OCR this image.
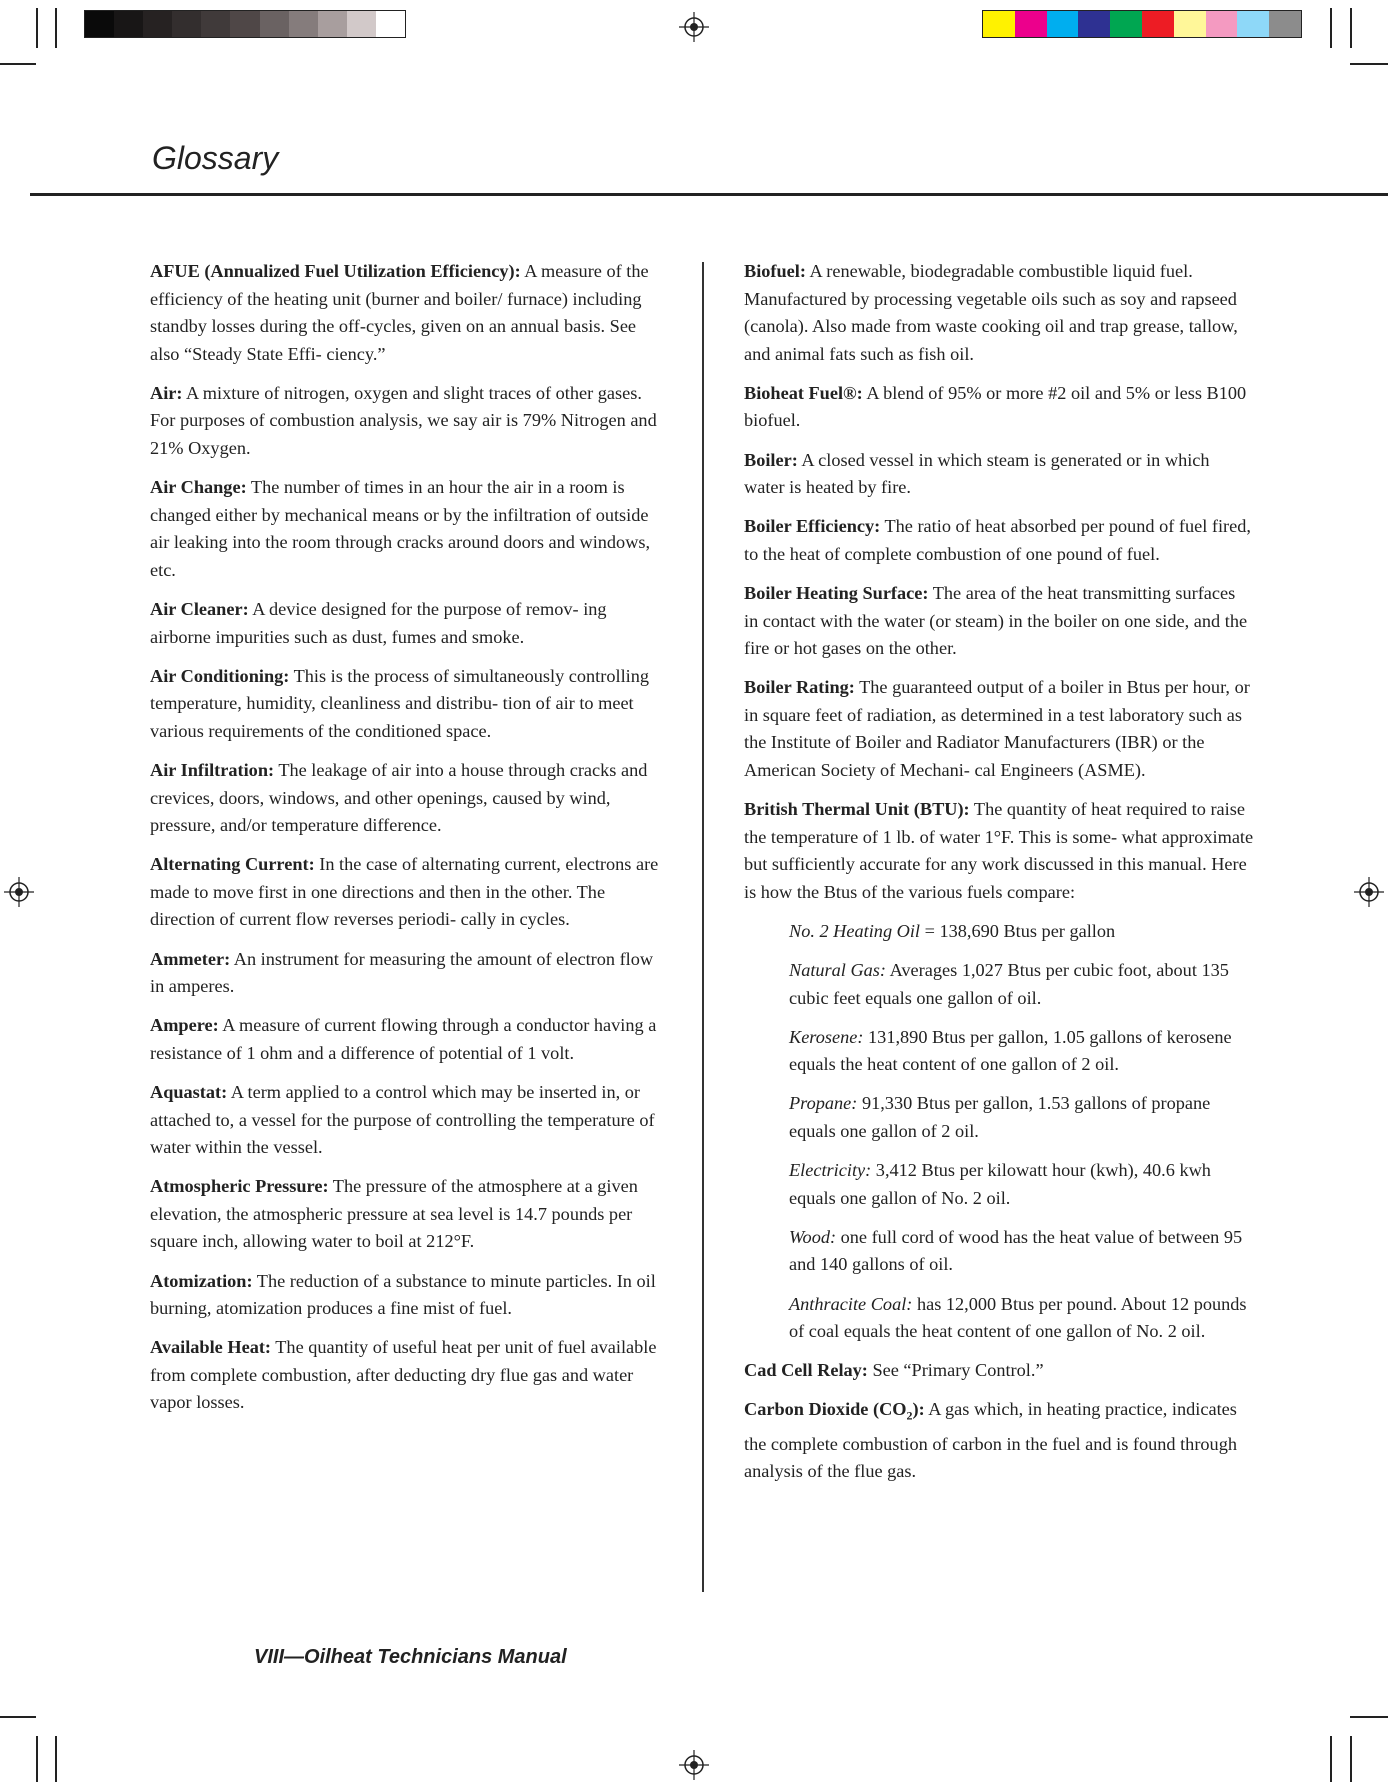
Glossary

AFUE (Annualized Fuel Utilization Efficiency): A measure of the efficiency of the heating unit (burner and boiler/ furnace) including standby losses during the off-cycles, given on an annual basis. See also “Steady State Effi- ciency.”

Air: A mixture of nitrogen, oxygen and slight traces of other gases. For purposes of combustion analysis, we say air is 79% Nitrogen and 21% Oxygen.

Air Change: The number of times in an hour the air in a room is changed either by mechanical means or by the infiltration of outside air leaking into the room through cracks around doors and windows, etc.

Air Cleaner: A device designed for the purpose of remov- ing airborne impurities such as dust, fumes and smoke.

Air Conditioning: This is the process of simultaneously controlling temperature, humidity, cleanliness and distribu- tion of air to meet various requirements of the conditioned space.

Air Infiltration: The leakage of air into a house through cracks and crevices, doors, windows, and other openings, caused by wind, pressure, and/or temperature difference.

Alternating Current: In the case of alternating current, electrons are made to move first in one directions and then in the other. The direction of current flow reverses periodi- cally in cycles.

Ammeter: An instrument for measuring the amount of electron flow in amperes.

Ampere: A measure of current flowing through a conductor having a resistance of 1 ohm and a difference of potential of 1 volt.

Aquastat: A term applied to a control which may be inserted in, or attached to, a vessel for the purpose of controlling the temperature of water within the vessel.

Atmospheric Pressure: The pressure of the atmosphere at a given elevation, the atmospheric pressure at sea level is 14.7 pounds per square inch, allowing water to boil at 212°F.

Atomization: The reduction of a substance to minute particles. In oil burning, atomization produces a fine mist of fuel.

Available Heat: The quantity of useful heat per unit of fuel available from complete combustion, after deducting dry flue gas and water vapor losses.

Biofuel: A renewable, biodegradable combustible liquid fuel. Manufactured by processing vegetable oils such as soy and rapseed (canola). Also made from waste cooking oil and trap grease, tallow, and animal fats such as fish oil.

Bioheat Fuel®: A blend of 95% or more #2 oil and 5% or less B100 biofuel.

Boiler: A closed vessel in which steam is generated or in which water is heated by fire.

Boiler Efficiency: The ratio of heat absorbed per pound of fuel fired, to the heat of complete combustion of one pound of fuel.

Boiler Heating Surface: The area of the heat transmitting surfaces in contact with the water (or steam) in the boiler on one side, and the fire or hot gases on the other.

Boiler Rating: The guaranteed output of a boiler in Btus per hour, or in square feet of radiation, as determined in a test laboratory such as the Institute of Boiler and Radiator Manufacturers (IBR) or the American Society of Mechani- cal Engineers (ASME).

British Thermal Unit (BTU): The quantity of heat required to raise the temperature of 1 lb. of water 1°F. This is some- what approximate but sufficiently accurate for any work discussed in this manual. Here is how the Btus of the various fuels compare:

No. 2 Heating Oil = 138,690 Btus per gallon

Natural Gas: Averages 1,027 Btus per cubic foot, about 135 cubic feet equals one gallon of oil.

Kerosene: 131,890 Btus per gallon, 1.05 gallons of kerosene equals the heat content of one gallon of 2 oil.

Propane: 91,330 Btus per gallon, 1.53 gallons of propane equals one gallon of 2 oil.

Electricity: 3,412 Btus per kilowatt hour (kwh), 40.6 kwh equals one gallon of No. 2 oil.

Wood: one full cord of wood has the heat value of between 95 and 140 gallons of oil.

Anthracite Coal: has 12,000 Btus per pound. About 12 pounds of coal equals the heat content of one gallon of No. 2 oil.

Cad Cell Relay: See “Primary Control.”

Carbon Dioxide $(CO_2)$: A gas which, in heating practice, indicates the complete combustion of carbon in the fuel and is found through analysis of the flue gas.

VIII—Oilheat Technicians Manual
